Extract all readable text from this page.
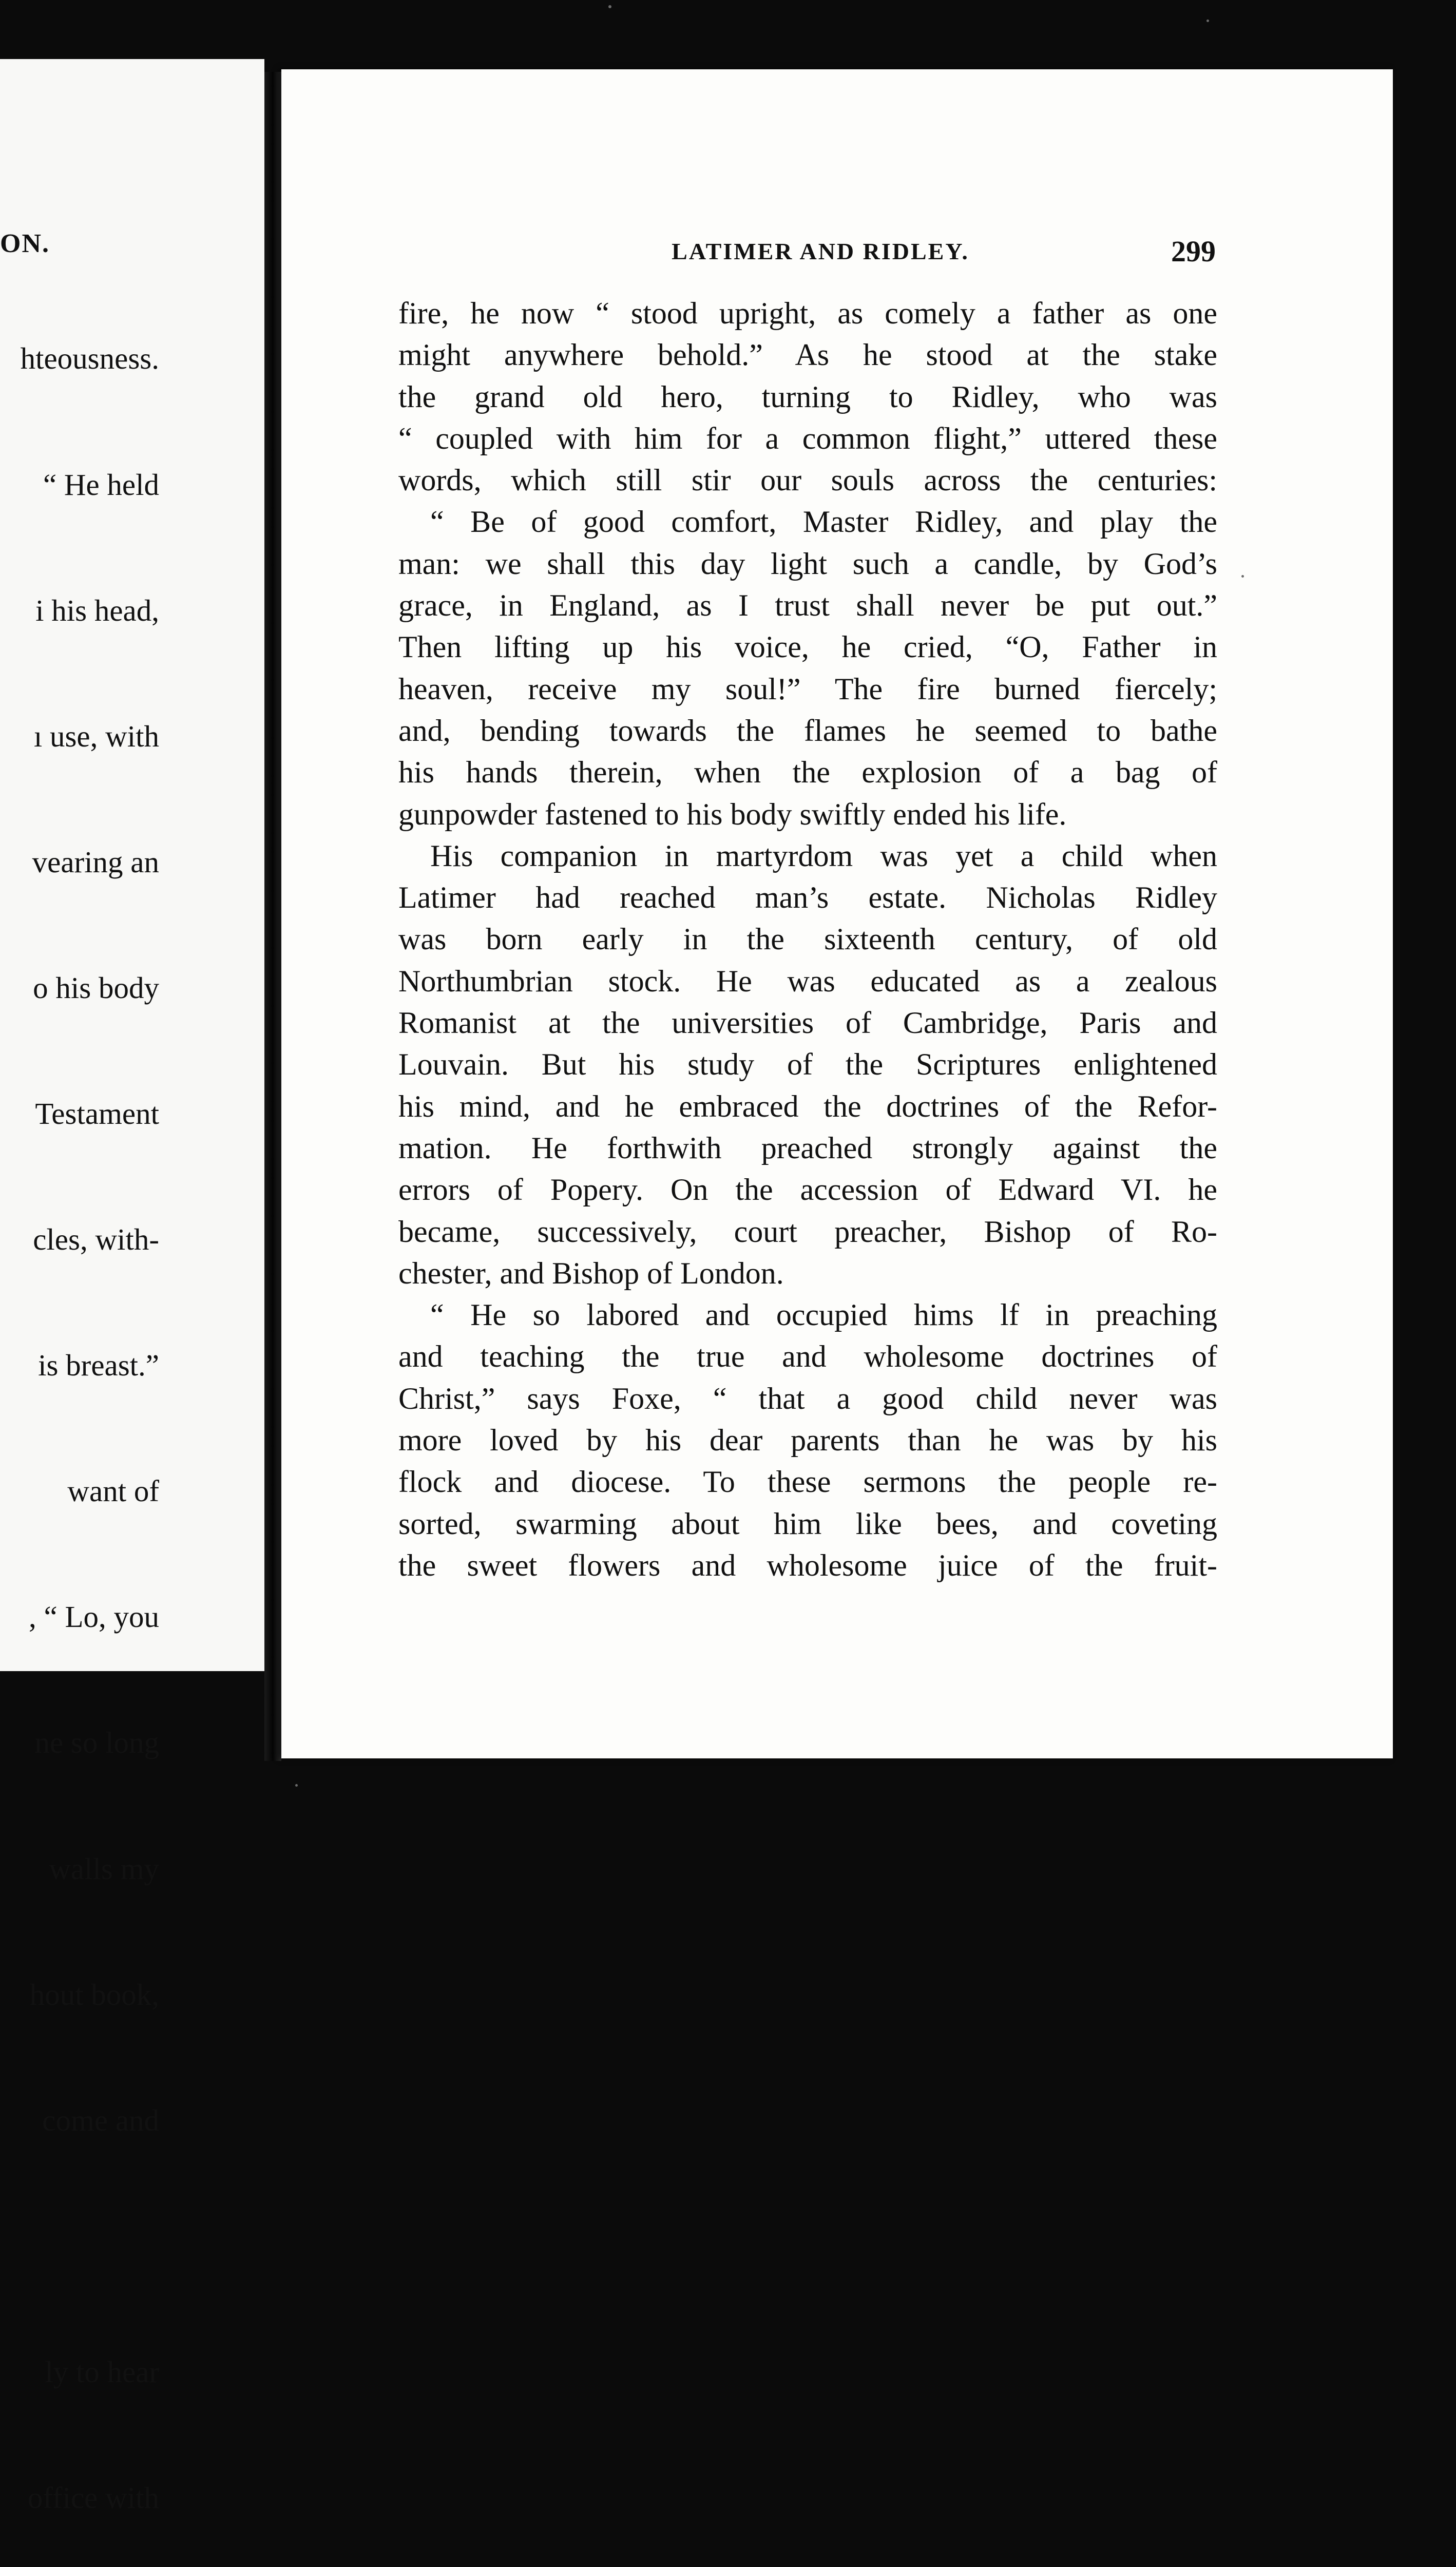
ON.

hteousness.

“ He held

i his head,

ı use, with

vearing an

o his body

Testament

cles, with-

is breast.”

want of

, “ Lo, you

ne so long

walls my

hout book,

come and

ly to hear

office with

LATIMER AND RIDLEY.	299
fire, he now “ stood upright, as comely a father as one
might anywhere behold.” As he stood at the stake
the grand old hero, turning to Ridley, who was
“ coupled with him for a common flight,” uttered these
words, which still stir our souls across the centuries:
“ Be of good comfort, Master Ridley, and play the
man: we shall this day light such a candle, by God’s
grace, in England, as I trust shall never be put out.”
Then lifting up his voice, he cried, “O, Father in
heaven, receive my soul!” The fire burned fiercely;
and, bending towards the flames he seemed to bathe
his hands therein, when the explosion of a bag of
gunpowder fastened to his body swiftly ended his life.
His companion in martyrdom was yet a child when
Latimer had reached man’s estate. Nicholas Ridley
was born early in the sixteenth century, of old
Northumbrian stock. He was educated as a zealous
Romanist at the universities of Cambridge, Paris and
Louvain. But his study of the Scriptures enlightened
his mind, and he embraced the doctrines of the Refor-
mation. He forthwith preached strongly against the
errors of Popery. On the accession of Edward VI. he
became, successively, court preacher, Bishop of Ro-
chester, and Bishop of London.
“ He so labored and occupied hims lf in preaching
and teaching the true and wholesome doctrines of
Christ,” says Foxe, “ that a good child never was
more loved by his dear parents than he was by his
flock and diocese. To these sermons the people re-
sorted, swarming about him like bees, and coveting
the sweet flowers and wholesome juice of the fruit-
